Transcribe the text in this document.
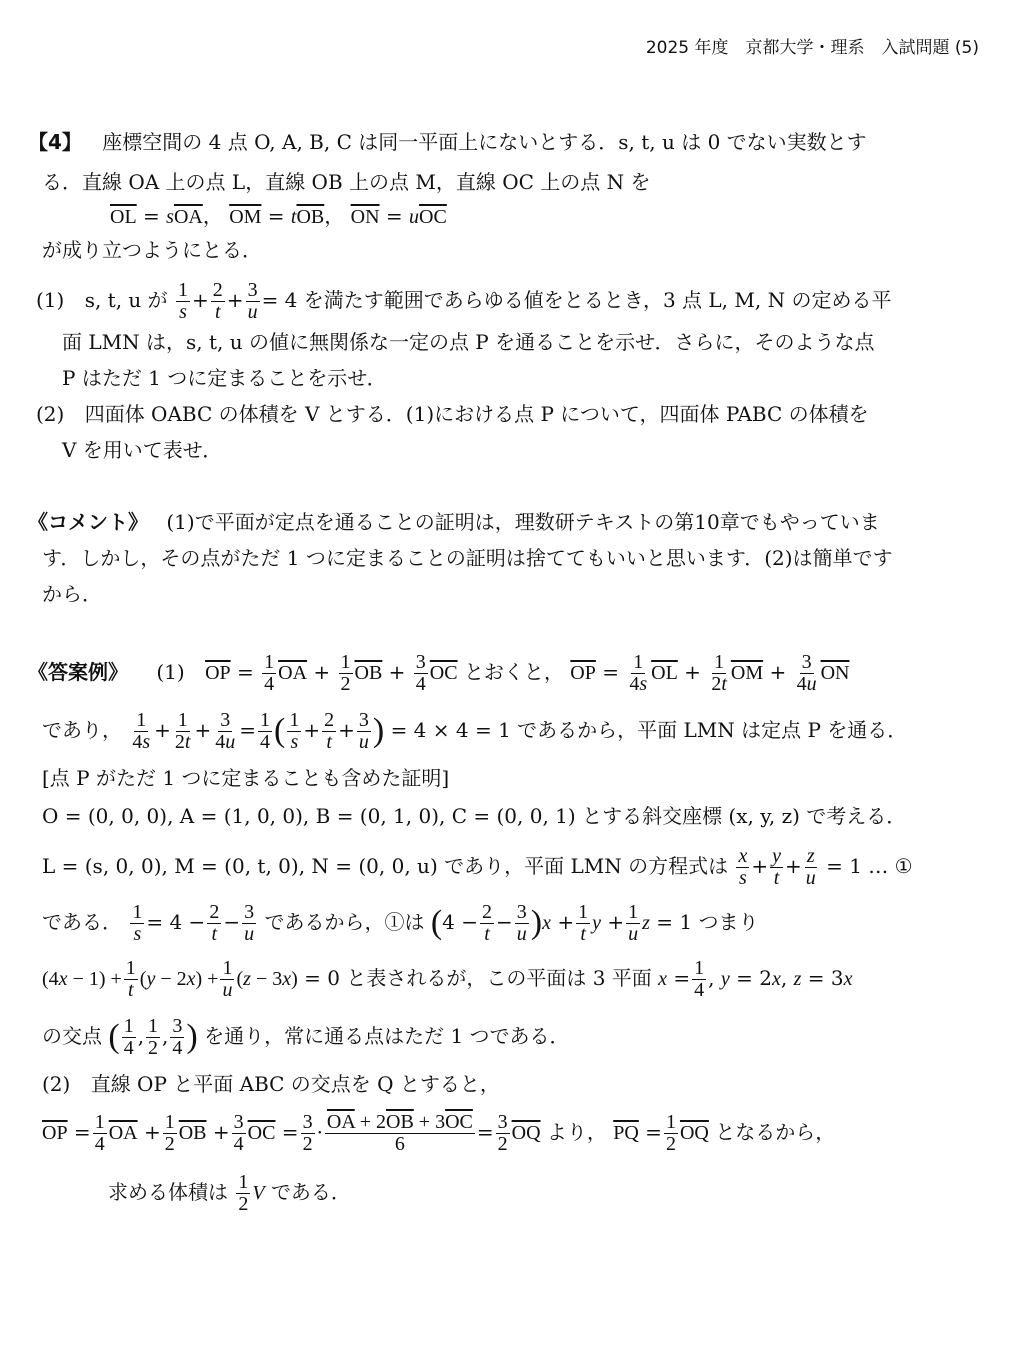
2025 年度　京都大学・理系　入試問題 (5)
【4】 座標空間の 4 点 O, A, B, C は同一平面上にないとする．s, t, u は 0 でない実数とす
る．直線 OA 上の点 L，直線 OB 上の点 M，直線 OC 上の点 N を
$\overline{OL} = s\overline{OA}$， $\overline{OM} = t\overline{OB}$， $\overline{ON} = u\overline{OC}$
が成り立つようにとる．
(1) s, t, u が $\frac{1}{s} + \frac{2}{t} + \frac{3}{u} = 4$ を満たす範囲であらゆる値をとるとき，3 点 L, M, N の定める平
面 LMN は，s, t, u の値に無関係な一定の点 P を通ることを示せ．さらに，そのような点
P はただ 1 つに定まることを示せ．
(2) 四面体 OABC の体積を V とする．(1)における点 P について，四面体 PABC の体積を
V を用いて表せ．
《コメント》 (1)で平面が定点を通ることの証明は，理数研テキストの第10章でもやっていま
す．しかし，その点がただ 1 つに定まることの証明は捨ててもいいと思います．(2)は簡単です
から．
《答案例》 (1) $\overline{OP} = \frac{1}{4} \overline{OA} + \frac{1}{2} \overline{OB} + \frac{3}{4} \overline{OC}$ とおくと， $\overline{OP} = \frac{1}{4s} \overline{OL} + \frac{1}{2t} \overline{OM} + \frac{3}{4u} \overline{ON}$
であり， $\frac{1}{4s} + \frac{1}{2t} + \frac{3}{4u} = \frac{1}{4}$ ( $\frac{1}{s} + \frac{2}{t} + \frac{3}{u}$ ) = 4 × 4 = 1 であるから，平面 LMN は定点 P を通る．
[点 P がただ 1 つに定まることも含めた証明]
O = (0, 0, 0), A = (1, 0, 0), B = (0, 1, 0), C = (0, 0, 1) とする斜交座標 (x, y, z) で考える．
L = (s, 0, 0), M = (0, t, 0), N = (0, 0, u) であり，平面 LMN の方程式は $\frac{x}{s} + \frac{y}{t} + \frac{z}{u} = 1$ … ①
である． $\frac{1}{s} = 4 - \frac{2}{t} - \frac{3}{u}$ であるから，①は $(4 - \frac{2}{t} - \frac{3}{u} )x + \frac{1}{t}$ $y + \frac{1}{u}$ z = 1 つまり
$(4x - 1) + \frac{1}{t} (y - 2x) + \frac{1}{u} (z - 3x) = 0$ と表されるが，この平面は 3 平面 $x = \frac{1}{4}$ , y = 2x, z = 3x
の交点 ( $\frac{1}{4}$ , $\frac{1}{2}$ , $\frac{3}{4}$ ) を通り，常に通る点はただ 1 つである．
(2) 直線 OP と平面 ABC の交点を Q とすると，
$\overline{OP} = \frac{1}{4} \overline{OA} + \frac{1}{2} \overline{OB} + \frac{3}{4} \overline{OC} = \frac{3}{2} \cdot \frac{\overline{OA} + 2\overline{OB} + 3\overline{OC}}{6} = \frac{3}{2} \overline{OQ}$ より， $\overline{PQ} = \frac{1}{2} \overline{OQ}$ となるから，
求める体積は $\frac{1}{2}$ V である．
